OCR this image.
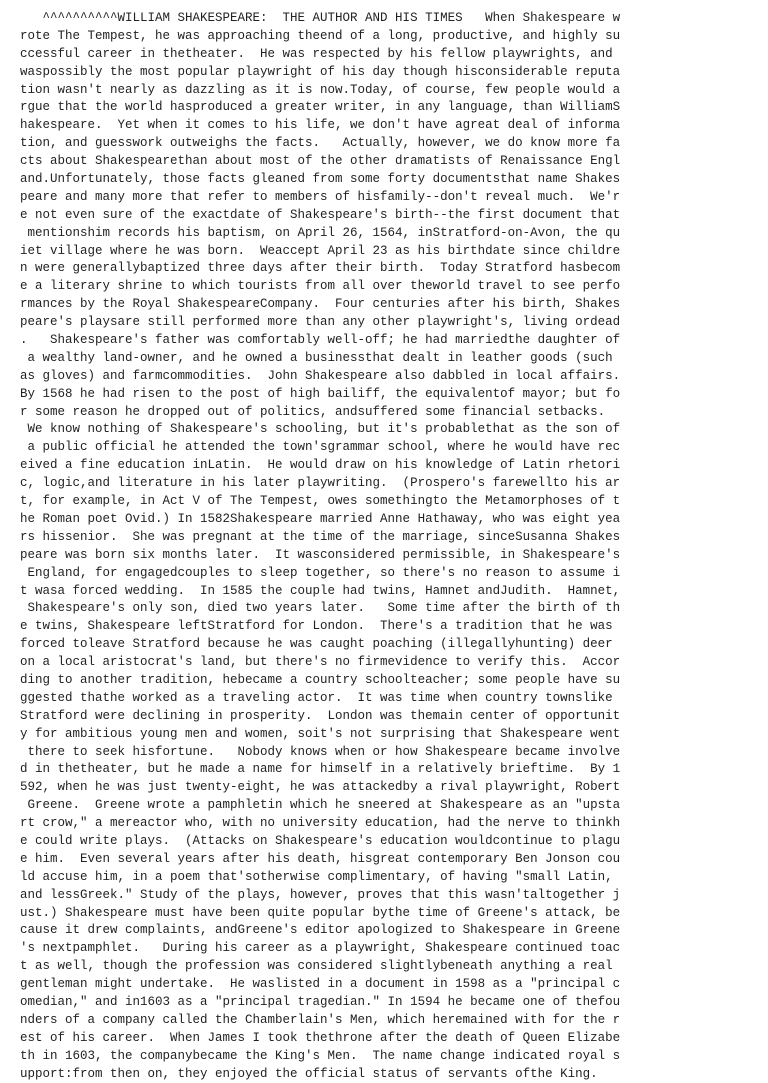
^^^^^^^^^^WILLIAM SHAKESPEARE:  THE AUTHOR AND HIS TIMES   When Shakespeare w
rote The Tempest, he was approaching theend of a long, productive, and highly su
ccessful career in thetheater.  He was respected by his fellow playwrights, and
waspossibly the most popular playwright of his day though hisconsiderable reputa
tion wasn't nearly as dazzling as it is now.Today, of course, few people would a
rgue that the world hasproduced a greater writer, in any language, than WilliamS
hakespeare.  Yet when it comes to his life, we don't have agreat deal of informa
tion, and guesswork outweighs the facts.   Actually, however, we do know more fa
cts about Shakespearethan about most of the other dramatists of Renaissance Engl
and.Unfortunately, those facts gleaned from some forty documentsthat name Shakes
peare and many more that refer to members of hisfamily--don't reveal much.  We'r
e not even sure of the exactdate of Shakespeare's birth--the first document that
mentionshim records his baptism, on April 26, 1564, inStratford-on-Avon, the qu
iet village where he was born.  Weaccept April 23 as his birthdate since childre
n were generallybaptized three days after their birth.  Today Stratford hasbecom
e a literary shrine to which tourists from all over theworld travel to see perfo
rmances by the Royal ShakespeareCompany.  Four centuries after his birth, Shakes
peare's playsare still performed more than any other playwright's, living ordead
.   Shakespeare's father was comfortably well-off; he had marriedthe daughter of
a wealthy land-owner, and he owned a businessthat dealt in leather goods (such
as gloves) and farmcommodities.  John Shakespeare also dabbled in local affairs.
By 1568 he had risen to the post of high bailiff, the equivalentof mayor; but fo
r some reason he dropped out of politics, andsuffered some financial setbacks.
We know nothing of Shakespeare's schooling, but it's probablethat as the son of
a public official he attended the town'sgrammar school, where he would have rec
eived a fine education inLatin.  He would draw on his knowledge of Latin rhetori
c, logic,and literature in his later playwriting.  (Prospero's farewellto his ar
t, for example, in Act V of The Tempest, owes somethingto the Metamorphoses of t
he Roman poet Ovid.) In 1582Shakespeare married Anne Hathaway, who was eight yea
rs hissenior.  She was pregnant at the time of the marriage, sinceSusanna Shakes
peare was born six months later.  It wasconsidered permissible, in Shakespeare's
England, for engagedcouples to sleep together, so there's no reason to assume i
t wasa forced wedding.  In 1585 the couple had twins, Hamnet andJudith.  Hamnet,
Shakespeare's only son, died two years later.   Some time after the birth of th
e twins, Shakespeare leftStratford for London.  There's a tradition that he was
forced toleave Stratford because he was caught poaching (illegallyhunting) deer
on a local aristocrat's land, but there's no firmevidence to verify this.  Accor
ding to another tradition, hebecame a country schoolteacher; some people have su
ggested thathe worked as a traveling actor.  It was time when country townslike
Stratford were declining in prosperity.  London was themain center of opportunit
y for ambitious young men and women, soit's not surprising that Shakespeare went
there to seek hisfortune.   Nobody knows when or how Shakespeare became involve
d in thetheater, but he made a name for himself in a relatively brieftime.  By 1
592, when he was just twenty-eight, he was attackedby a rival playwright, Robert
Greene.  Greene wrote a pamphletin which he sneered at Shakespeare as an "upsta
rt crow," a mereactor who, with no university education, had the nerve to thinkh
e could write plays.  (Attacks on Shakespeare's education wouldcontinue to plagu
e him.  Even several years after his death, hisgreat contemporary Ben Jonson cou
ld accuse him, in a poem that'sotherwise complimentary, of having "small Latin,
and lessGreek." Study of the plays, however, proves that this wasn'taltogether j
ust.) Shakespeare must have been quite popular bythe time of Greene's attack, be
cause it drew complaints, andGreene's editor apologized to Shakespeare in Greene
's nextpamphlet.   During his career as a playwright, Shakespeare continued toac
t as well, though the profession was considered slightlybeneath anything a real
gentleman might undertake.  He waslisted in a document in 1598 as a "principal c
omedian," and in1603 as a "principal tragedian." In 1594 he became one of thefou
nders of a company called the Chamberlain's Men, which heremained with for the r
est of his career.  When James I took thethrone after the death of Queen Elizabe
th in 1603, the companybecame the King's Men.  The name change indicated royal s
upport:from then on, they enjoyed the official status of servants ofthe King.
